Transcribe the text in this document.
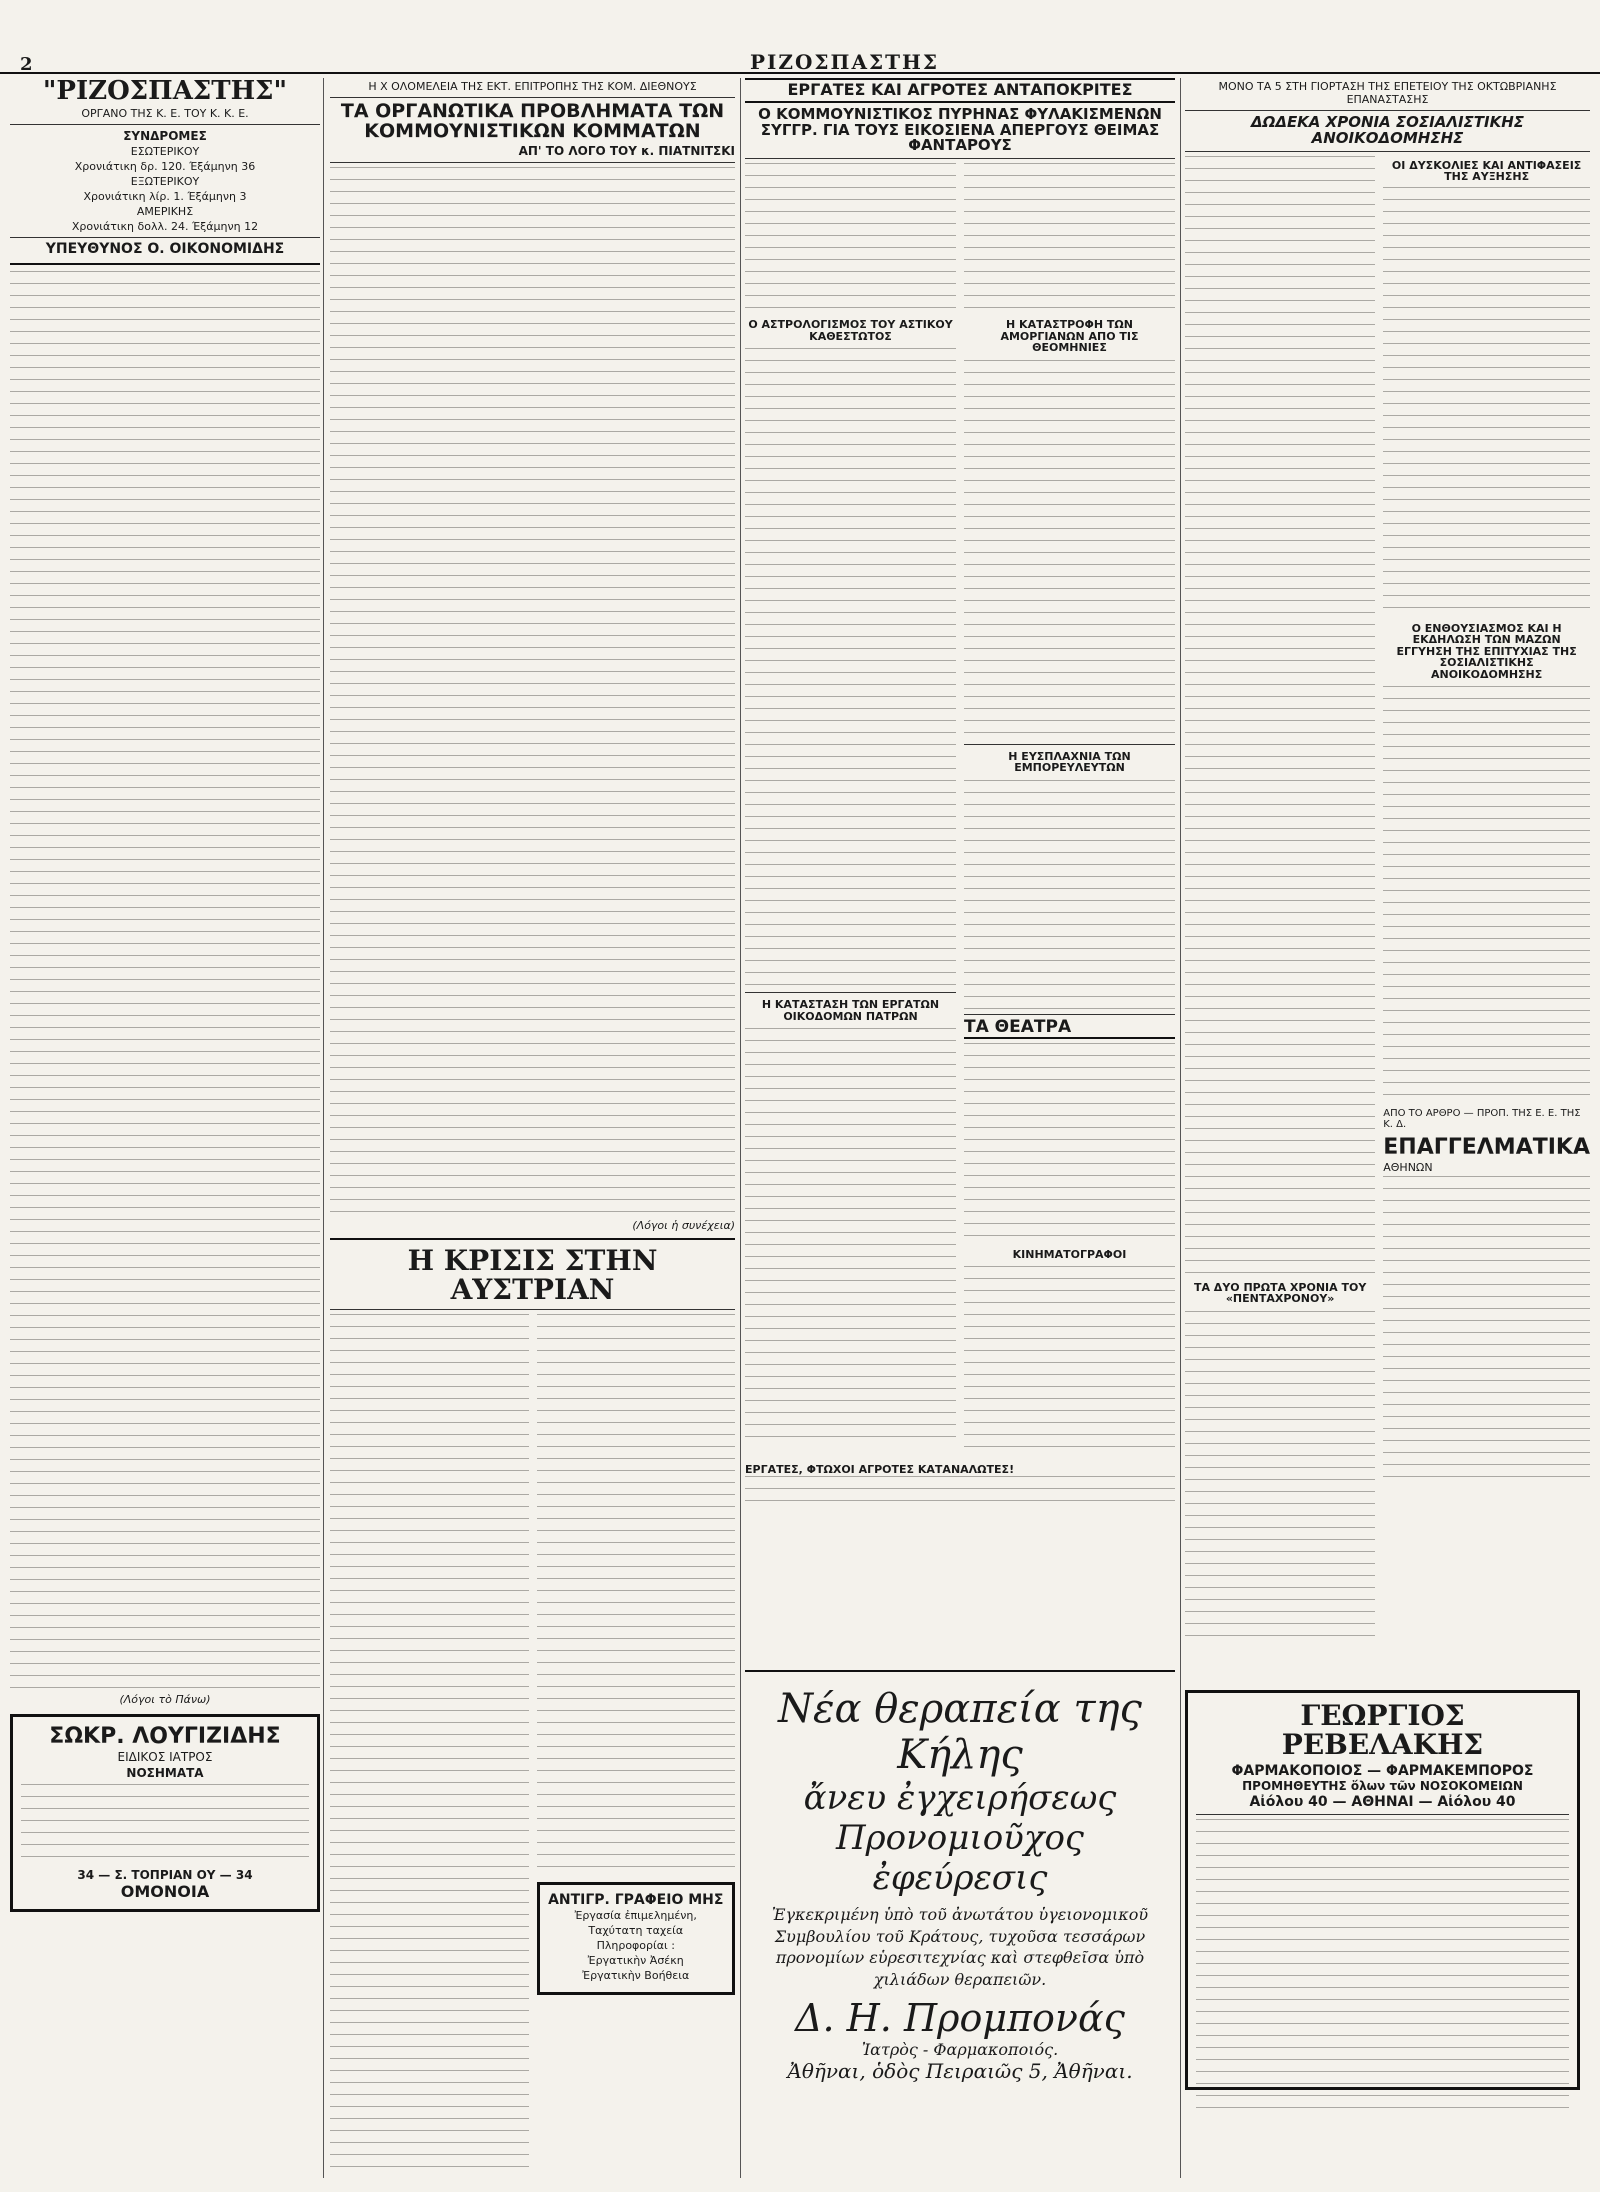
2	ΡΙΖΟΣΠΑΣΤΗΣ
"ΡΙΖΟΣΠΑΣΤΗΣ"
ΟΡΓΑΝΟ ΤΗΣ Κ. Ε. ΤΟΥ Κ. Κ. Ε.
ΣΥΝΔΡΟΜΕΣ
ΕΣΩΤΕΡΙΚΟΥ
Χρονιάτικη δρ. 120. Έξάμηνη 36
ΕΞΩΤΕΡΙΚΟΥ
Χρονιάτικη λίρ. 1. Έξάμηνη 3
ΑΜΕΡΙΚΗΣ
Χρονιάτικη δολλ. 24. Έξάμηνη 12
ΥΠΕΥΘΥΝΟΣ Ο. ΟΙΚΟΝΟΜΙΔΗΣ
(Λόγοι τὸ Πάνω)
ΣΩΚΡ. ΛΟΥΓΙΖΙΔΗΣ
ΕΙΔΙΚΟΣ ΙΑΤΡΟΣ
ΝΟΣΗΜΑΤΑ
34 — Σ. ΤΟΠΡΙΑΝ ΟΥ — 34
ΟΜΟΝΟΙΑ
Η Χ ΟΛΟΜΕΛΕΙΑ ΤΗΣ ΕΚΤ. ΕΠΙΤΡΟΠΗΣ ΤΗΣ ΚΟΜ. ΔΙΕΘΝΟΥΣ
ΤΑ ΟΡΓΑΝΩΤΙΚΑ ΠΡΟΒΛΗΜΑΤΑ ΤΩΝ ΚΟΜΜΟΥΝΙΣΤΙΚΩΝ ΚΟΜΜΑΤΩΝ
ΑΠ' ΤΟ ΛΟΓΟ ΤΟΥ κ. ΠΙΑΤΝΙΤΣΚΙ
(Λόγοι ἡ συνέχεια)
Η ΚΡΙΣΙΣ ΣΤΗΝ ΑΥΣΤΡΙΑΝ
ΑΝΤΙΓΡ. ΓΡΑΦΕΙΟ ΜΗΣ
Ἐργασία ἐπιμελημένη,
Ταχύτατη ταχεία
Πληροφορίαι :
Ἐργατικὴν Ἀσέκη
Ἐργατικὴν Βοήθεια
ΕΡΓΑΤΕΣ ΚΑΙ ΑΓΡΟΤΕΣ ΑΝΤΑΠΟΚΡΙΤΕΣ
Ο ΚΟΜΜΟΥΝΙΣΤΙΚΟΣ ΠΥΡΗΝΑΣ ΦΥΛΑΚΙΣΜΕΝΩΝ ΣΥΓΓΡ. ΓΙΑ ΤΟΥΣ ΕΙΚΟΣΙΕΝΑ ΑΠΕΡΓΟΥΣ ΘΕΙΜΑΣ ΦΑΝΤΑΡΟΥΣ
Ο ΑΣΤΡΟΛΟΓΙΣΜΟΣ ΤΟΥ ΑΣΤΙΚΟΥ ΚΑΘΕΣΤΩΤΟΣ
Η ΚΑΤΑΣΤΑΣΗ ΤΩΝ ΕΡΓΑΤΩΝ ΟΙΚΟΔΟΜΩΝ ΠΑΤΡΩΝ
Η ΚΑΤΑΣΤΡΟΦΗ ΤΩΝ ΑΜΟΡΓΙΑΝΩΝ ΑΠΟ ΤΙΣ ΘΕΟΜΗΝΙΕΣ
Η ΕΥΣΠΛΑΧΝΙΑ ΤΩΝ ΕΜΠΟΡΕΥΛΕΥΤΩΝ
ΤΑ ΘΕΑΤΡΑ
ΚΙΝΗΜΑΤΟΓΡΑΦΟΙ
ΕΡΓΑΤΕΣ, ΦΤΩΧΟΙ ΑΓΡΟΤΕΣ ΚΑΤΑΝΑΛΩΤΕΣ!
Νέα θεραπεία της Κήλης
ἄνευ ἐγχειρήσεως
Προνομιοῦχος ἐφεύρεσις
Ἐγκεκριμένη ὑπὸ τοῦ ἀνωτάτου ὑγειονομικοῦ Συμβουλίου τοῦ Κράτους, τυχοῦσα τεσσάρων προνομίων εὑρεσιτεχνίας καὶ στεφθεῖσα ὑπὸ χιλιάδων θεραπειῶν.
Δ. Η. Προμπονάς
Ἰατρὸς - Φαρμακοποιός.
Ἀθῆναι, ὁδὸς Πειραιῶς 5, Ἀθῆναι.
ΜΟΝΟ ΤΑ 5 ΣΤΗ ΓΙΟΡΤΑΣΗ ΤΗΣ ΕΠΕΤΕΙΟΥ ΤΗΣ ΟΚΤΩΒΡΙΑΝΗΣ ΕΠΑΝΑΣΤΑΣΗΣ
ΔΩΔΕΚΑ ΧΡΟΝΙΑ ΣΟΣΙΑΛΙΣΤΙΚΗΣ ΑΝΟΙΚΟΔΟΜΗΣΗΣ
ΤΑ ΔΥΟ ΠΡΩΤΑ ΧΡΟΝΙΑ ΤΟΥ «ΠΕΝΤΑΧΡΟΝΟΥ»
ΟΙ ΔΥΣΚΟΛΙΕΣ ΚΑΙ ΑΝΤΙΦΑΣΕΙΣ ΤΗΣ ΑΥΞΗΣΗΣ
Ο ΕΝΘΟΥΣΙΑΣΜΟΣ ΚΑΙ Η ΕΚΔΗΛΩΣΗ ΤΩΝ ΜΑΖΩΝ ΕΓΓΥΗΣΗ ΤΗΣ ΕΠΙΤΥΧΙΑΣ ΤΗΣ ΣΟΣΙΑΛΙΣΤΙΚΗΣ ΑΝΟΙΚΟΔΟΜΗΣΗΣ
ΑΠΟ ΤΟ ΑΡΘΡΟ — ΠΡΟΠ. ΤΗΣ Ε. Ε. ΤΗΣ Κ. Δ.
ΕΠΑΓΓΕΛΜΑΤΙΚΑ
ΑΘΗΝΩΝ
ΓΕΩΡΓΙΟΣ ΡΕΒΕΛΑΚΗΣ
ΦΑΡΜΑΚΟΠΟΙΟΣ — ΦΑΡΜΑΚΕΜΠΟΡΟΣ
ΠΡΟΜΗΘΕΥΤΗΣ ὅλων τῶν ΝΟΣΟΚΟΜΕΙΩΝ
Αἰόλου 40 — ΑΘΗΝΑΙ — Αἰόλου 40
